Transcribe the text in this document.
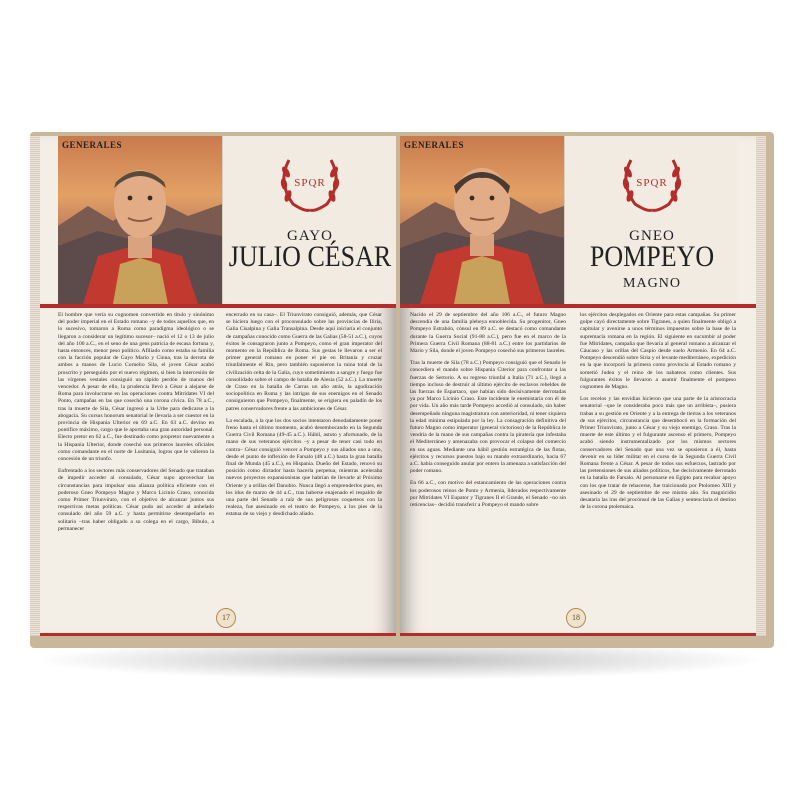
SPQR
GAYO
JULIO CÉSAR
GENERALES

El hombre que vería su cognomen convertido en título y sinónimo del poder imperial en el Estado romano –y de todos aquellos que, en lo sucesivo, tomaron a Roma como paradigma ideológico o se llegaron a considerar un legítimo sucesor– nació el 12 o 13 de julio del año 100 a.C., en el seno de una gens patricia de escasa fortuna y, hasta entonces, menor peso político. Afiliado como estaba su familia con la facción popular de Gayo Mario y Cinna, tras la derrota de ambos a manos de Lucio Cornelio Sila, el joven César acabó proscrito y perseguido por el nuevo régimen, si bien la intercesión de las vírgenes vestales consiguió un rápido perdón de manos del vencedor. A pesar de ello, la prudencia llevó a César a alejarse de Roma para involucrarse en las operaciones contra Mitrídates VI del Ponto, campañas en las que cosechó una corona cívica. En 78 a.C., tras la muerte de Sila, César ingresó a la Urbe para dedicarse a la abogacía. Su cursus honorum senatorial le llevaría a ser cuestor en la provincia de Hispania Ulterior en 69 a.C. En 63 a.C. devino en pontífice máximo, cargo que le aportaba una gran autoridad personal. Electo pretor en 62 a.C., fue destinado como propretor nuevamente a la Hispania Ulterior, donde cosechó sus primeros laureles oficiales como comandante en el norte de Lusitania, logros que le valieron la concesión de un triunfo.

Enfrentado a los sectores más conservadores del Senado que trataban de impedir acceder al consulado, César supo aprovechar las circunstancias para impulsar una alianza política eficiente con el poderoso Gneo Pompeyo Magno y Marco Licinio Craso, conocida como Primer Triunvirato, con el objetivo de alcanzar juntos sus respectivas metas políticas. César pudo así acceder al anhelado consulado del año 59 a.C. y hasta permitirse desempeñarlo en solitario –tras haber obligado a su colega en el cargo, Bíbulo, a permanecer

encerrado en su casa–. El Triunvirato consiguió, además, que César se hiciera luego con el proconsulado sobre las provincias de Iliria, Galia Cisalpina y Galia Transalpina. Desde aquí iniciaría el conjunto de campañas conocido como Guerra de las Galias (58-51 a.C.), cuyos éxitos le consagraron junto a Pompeyo, como el gran imperator del momento en la República de Roma. Sus gestas le llevaron a ser el primer general romano en poner el pie en Britania y cruzar triunfalmente el Rin, pero también supusieron la ruina total de la civilización celta de la Galia, cuyo sometimiento a sangre y fuego fue consolidado sobre el campo de batalla de Alesia (52 a.C.). La muerte de Craso en la batalla de Carras un año atrás, la agudización sociopolítica en Roma y las intrigas de sus enemigos en el Senado consiguieron que Pompeyo, finalmente, se erigiera en paladín de los patres conservadores frente a las ambiciones de César.

La escalada, a la que los dos socios intentaron denodadamente poner freno hasta el último momento, acabó desembocando en la Segunda Guerra Civil Romana (49-45 a.C.). Hábil, astuto y afortunado, de la mano de sus veteranos ejércitos –y a pesar de tener casi todo en contra– César consiguió vencer a Pompeyo y sus aliados uno a uno, desde el punto de inflexión de Farsalo (48 a.C.) hasta la gran batalla final de Munda (45 a.C.), en Hispania. Dueño del Estado, renovó su posición como dictador hasta hacerla perpetua, mientras aceleraba nuevos proyectos expansionistas que habrían de llevarle al Próximo Oriente y a orillas del Danubio. Nunca llegó a emprenderlos pues, en los idus de marzo de 44 a.C., tras haberse enajenado el respaldo de una parte del Senado a raíz de sus peligrosos coqueteos con la realeza, fue asesinado en el teatro de Pompeyo, a los pies de la estatua de su viejo y desdichado aliado.

17
SPQR
GNEO
POMPEYO
MAGNO
GENERALES

Nacido el 29 de septiembre del año 106 a.C., el futuro Magno descendía de una familia plebeya ennoblecida. Su progenitor, Gneo Pompeyo Estrabón, cónsul en 89 a.C. se destacó como comandante durante la Guerra Social (91-88 a.C.), pero fue en el marco de la Primera Guerra Civil Romana (88-81 a.C.) entre los partidarios de Mario y Sila, donde el joven Pompeyo cosechó sus primeros laureles.

Tras la muerte de Sila (78 a.C.) Pompeyo consiguió que el Senado le concediera el mando sobre Hispania Citerior para confrontar a las fuerzas de Sertorio. A su regreso triunfal a Italia (71 a.C.), llegó a tiempo incluso de destruir al último ejército de esclavos rebeldes de las fuerzas de Espartaco, que habían sido decisivamente derrotadas ya por Marco Licinio Craso. Este incidente le enemistaría con él de por vida. Un año más tarde Pompeyo accedió al consulado, sin haber desempeñado ninguna magistratura con anterioridad, ni tener siquiera la edad mínima estipulada por la ley. La consagración definitiva del futuro Magno como imperator (general victorioso) de la República le vendría de la mano de sus campañas contra la piratería que infestaba el Mediterráneo y amenazaba con provocar el colapso del comercio en sus aguas. Mediante una hábil gestión estratégica de las flotas, ejércitos y recursos puestos bajo su mando extraordinario, hacia 67 a.C. había conseguido anular por entero la amenaza a satisfacción del poder romano.

En 66 a.C., con motivo del estancamiento de las operaciones contra los poderosos reinos de Ponto y Armenia, liderados respectivamente por Mitrídates VI Eupator y Tigranes II el Grande, el Senado –no sin reticencias– decidió transferir a Pompeyo el mando sobre

los ejércitos desplegados en Oriente para estas campañas. Su primer golpe cayó directamente sobre Tigranes, a quien finalmente obligó a capitular y avenirse a unos términos impuestos sobre la base de la supremacía romana en la región. El siguiente en sucumbir al poder fue Mitrídates, campaña que llevaría al general romano a alcanzar el Cáucaso y las orillas del Caspio desde suelo Armenio. En 64 a.C. Pompeyo descendió sobre Siria y el levante mediterráneo, expedición en la que incorporó la primera como provincia al Estado romano y sometió Judea y el reino de los nabateos como clientes. Sus fulgurantes éxitos le llevaron a asumir finalmente el pompeso cognomen de Magno.

Los recelos y las envidias hicieron que una parte de la aristocracia senatorial –que le consideraba poco más que un arribista–, pusiera trabas a su gestión en Oriente y a la entrega de tierras a los veteranos de sus ejércitos, circunstancia que desembocó en la formación del Primer Triunvirato, junto a César y su viejo enemigo, Craso. Tras la muerte de este último y el fulgurante ascenso el primero, Pompeyo acabó siendo instrumentalizado por los mismos sectores conservadores del Senado que una vez se opusieron a él, hasta devenir en su líder militar en el curso de la Segunda Guerra Civil Romana frente a César. A pesar de todos sus esfuerzos, lastrado por las pretensiones de sus aliados políticos, fue decisivamente derrotado en la batalla de Farsalo. Al personarse en Egipto para recabar apoyo con los que tratar de rehacerse, fue traicionado por Ptolomeo XIII y asesinado el 29 de septiembre de ese mismo año. Su magnicidio desataría las iras del procónsul de las Galias y sentenciaría el destino de la corona ptolemaica.

18
